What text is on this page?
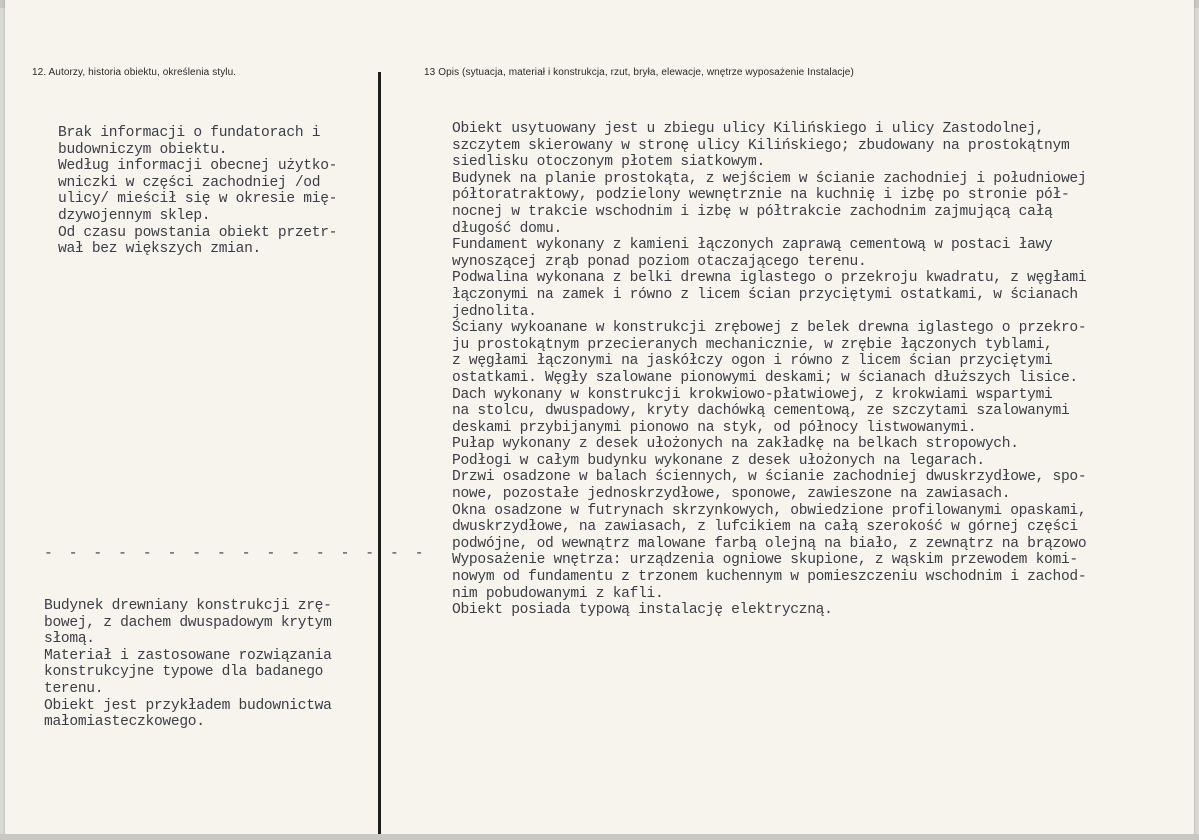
12. Autorzy, historia obiektu, określenia stylu.	13 Opis (sytuacja, materiał i konstrukcja, rzut, bryła, elewacje, wnętrze wyposażenie Instalacje)
Brak informacji o fundatorach i
budowniczym obiektu.
Według informacji obecnej użytko-
wniczki w części zachodniej /od
ulicy/ mieścił się w okresie mię-
dzywojennym sklep.
Od czasu powstania obiekt przetr-
wał bez większych zmian.
- - - - - - - - - - - - - - - -
Budynek drewniany konstrukcji zrę-
bowej, z dachem dwuspadowym krytym
słomą.
Materiał i zastosowane rozwiązania
konstrukcyjne typowe dla badanego
terenu.
Obiekt jest przykładem budownictwa
małomiasteczkowego.
Obiekt usytuowany jest u zbiegu ulicy Kilińskiego i ulicy Zastodolnej,
szczytem skierowany w stronę ulicy Kilińskiego; zbudowany na prostokątnym
siedlisku otoczonym płotem siatkowym.
Budynek na planie prostokąta, z wejściem w ścianie zachodniej i południowej
półtoratraktowy, podzielony wewnętrznie na kuchnię i izbę po stronie pół-
nocnej w trakcie wschodnim i izbę w półtrakcie zachodnim zajmującą całą
długość domu.
Fundament wykonany z kamieni łączonych zaprawą cementową w postaci ławy
wynoszącej zrąb ponad poziom otaczającego terenu.
Podwalina wykonana z belki drewna iglastego o przekroju kwadratu, z węgłami
łączonymi na zamek i równo z licem ścian przyciętymi ostatkami, w ścianach
jednolita.
Ściany wykoanane w konstrukcji zrębowej z belek drewna iglastego o przekro-
ju prostokątnym przecieranych mechanicznie, w zrębie łączonych tyblami,
z węgłami łączonymi na jaskółczy ogon i równo z licem ścian przyciętymi
ostatkami. Węgły szalowane pionowymi deskami; w ścianach dłuższych lisice.
Dach wykonany w konstrukcji krokwiowo-płatwiowej, z krokwiami wspartymi
na stolcu, dwuspadowy, kryty dachówką cementową, ze szczytami szalowanymi
deskami przybijanymi pionowo na styk, od północy listwowanymi.
Pułap wykonany z desek ułożonych na zakładkę na belkach stropowych.
Podłogi w całym budynku wykonane z desek ułożonych na legarach.
Drzwi osadzone w balach ściennych, w ścianie zachodniej dwuskrzydłowe, spo-
nowe, pozostałe jednoskrzydłowe, sponowe, zawieszone na zawiasach.
Okna osadzone w futrynach skrzynkowych, obwiedzione profilowanymi opaskami,
dwuskrzydłowe, na zawiasach, z lufcikiem na całą szerokość w górnej części
podwójne, od wewnątrz malowane farbą olejną na biało, z zewnątrz na brązowo
Wyposażenie wnętrza: urządzenia ogniowe skupione, z wąskim przewodem komi-
nowym od fundamentu z trzonem kuchennym w pomieszczeniu wschodnim i zachod-
nim pobudowanymi z kafli.
Obiekt posiada typową instalację elektryczną.
